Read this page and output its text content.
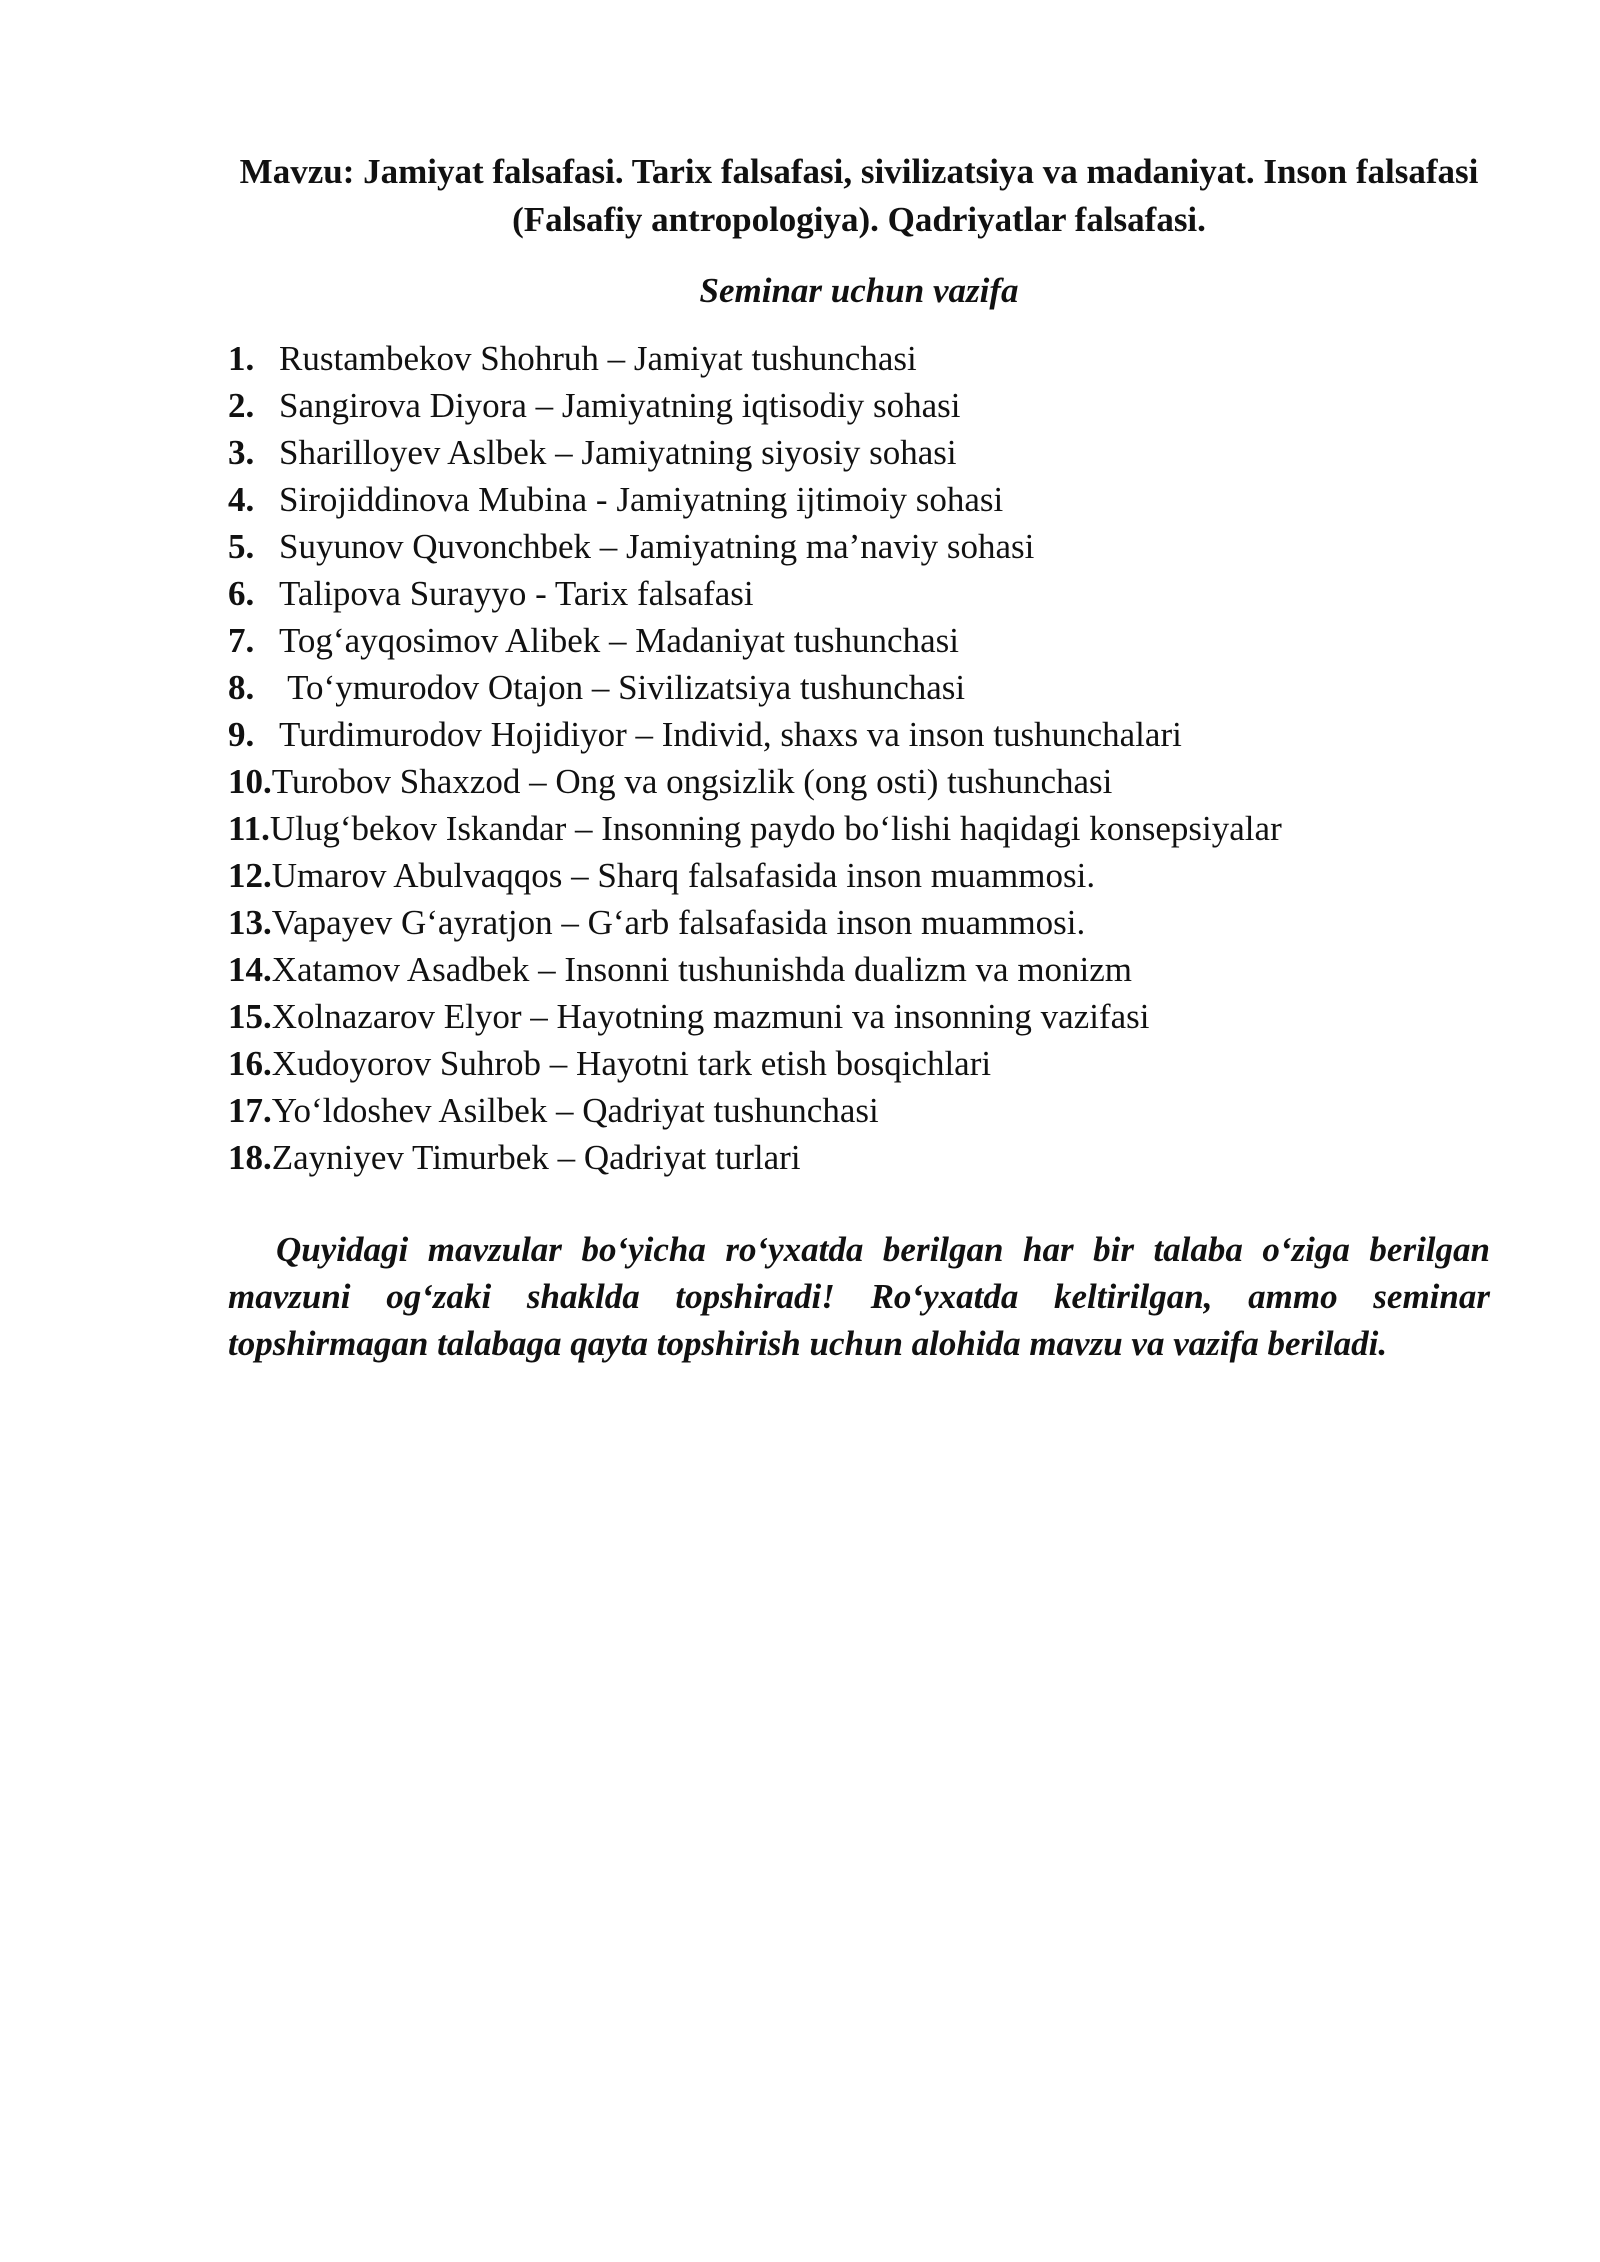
Mavzu: Jamiyat falsafasi. Tarix falsafasi, sivilizatsiya va madaniyat. Inson falsafasi (Falsafiy antropologiya). Qadriyatlar falsafasi.
Seminar uchun vazifa
1. Rustambekov Shohruh – Jamiyat tushunchasi
2. Sangirova Diyora – Jamiyatning iqtisodiy sohasi
3. Sharilloyev Aslbek – Jamiyatning siyosiy sohasi
4. Sirojiddinova Mubina - Jamiyatning ijtimoiy sohasi
5. Suyunov Quvonchbek – Jamiyatning ma’naviy sohasi
6. Talipova Surayyo - Tarix falsafasi
7. Tog‘ayqosimov Alibek – Madaniyat tushunchasi
8. To‘ymurodov Otajon – Sivilizatsiya tushunchasi
9. Turdimurodov Hojidiyor – Individ, shaxs va inson tushunchalari
10. Turobov Shaxzod – Ong va ongsizlik (ong osti) tushunchasi
11. Ulug‘bekov Iskandar – Insonning paydo bo‘lishi haqidagi konsepsiyalar
12. Umarov Abulvaqqos – Sharq falsafasida inson muammosi.
13. Vapayev G‘ayratjon – G‘arb falsafasida inson muammosi.
14. Xatamov Asadbek – Insonni tushunishda dualizm va monizm
15. Xolnazarov Elyor – Hayotning mazmuni va insonning vazifasi
16. Xudoyorov Suhrob – Hayotni tark etish bosqichlari
17. Yo‘ldoshev Asilbek – Qadriyat tushunchasi
18. Zayniyev Timurbek – Qadriyat turlari

Quyidagi mavzular bo‘yicha ro‘yxatda berilgan har bir talaba o‘ziga berilgan mavzuni og‘zaki shaklda topshiradi! Ro‘yxatda keltirilgan, ammo seminar topshirmagan talabaga qayta topshirish uchun alohida mavzu va vazifa beriladi.
